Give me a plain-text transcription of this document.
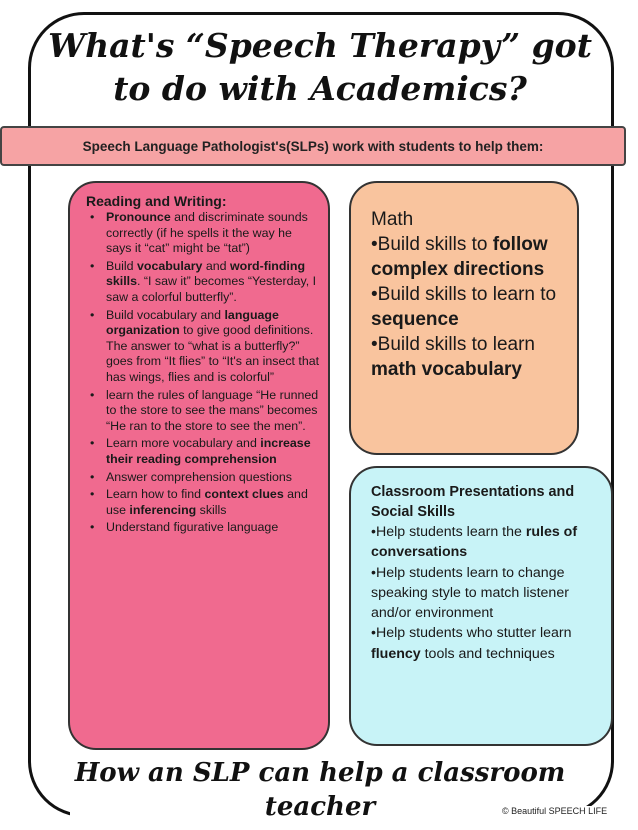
What's “Speech Therapy” got to do with Academics?
Speech Language Pathologist's(SLPs) work with students to help them:

Reading and Writing:

• Pronounce and discriminate sounds correctly (if he spells it the way he says it “cat” might be “tat”)
• Build vocabulary and word-finding skills. “I saw it” becomes “Yesterday, I saw a colorful butterfly”.
• Build vocabulary and language organization to give good definitions. The answer to “what is a butterfly?” goes from “It flies” to “It's an insect that has wings, flies and is colorful”
• learn the rules of language “He runned to the store to see the mans” becomes “He ran to the store to see the men”.
• Learn more vocabulary and increase their reading comprehension
• Answer comprehension questions
• Learn how to find context clues and use inferencing skills
• Understand figurative language

Math

•Build skills to follow complex directions

•Build skills to learn to sequence

•Build skills to learn math vocabulary

Classroom Presentations and Social Skills

•Help students learn the rules of conversations

•Help students learn to change speaking style to match listener and/or environment

•Help students who stutter learn fluency tools and techniques

How an SLP can help a classroom teacher	© Beautiful SPEECH LIFE
